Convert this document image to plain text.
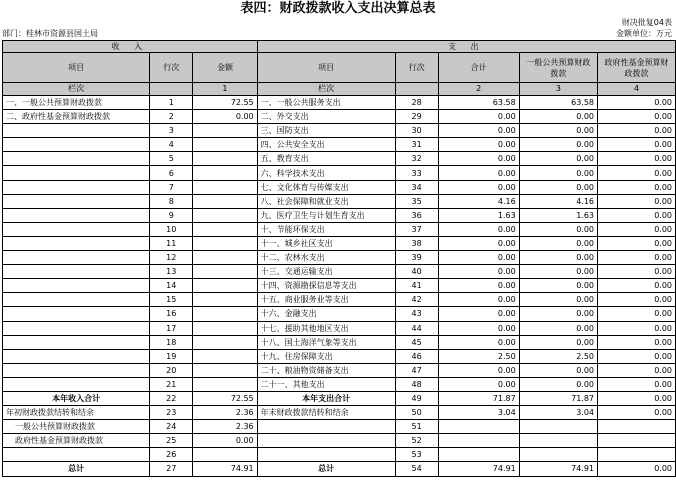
表四：财政拨款收入支出决算总表
财决批复04表
部门：桂林市资源县国土局	金额单位：万元
收 入			支 出				
项目	行次	金额	项目	行次	合计	一般公共预算财政拨款	政府性基金预算财政拨款
栏次		1	栏次		2	3	4
一、一般公共预算财政拨款	1	72.55	一、一般公共服务支出	28	63.58	63.58	0.00
二、政府性基金预算财政拨款	2	0.00	二、外交支出	29	0.00	0.00	0.00
	3		三、国防支出	30	0.00	0.00	0.00
	4		四、公共安全支出	31	0.00	0.00	0.00
	5		五、教育支出	32	0.00	0.00	0.00
	6		六、科学技术支出	33	0.00	0.00	0.00
	7		七、文化体育与传媒支出	34	0.00	0.00	0.00
	8		八、社会保障和就业支出	35	4.16	4.16	0.00
	9		九、医疗卫生与计划生育支出	36	1.63	1.63	0.00
	10		十、节能环保支出	37	0.00	0.00	0.00
	11		十一、城乡社区支出	38	0.00	0.00	0.00
	12		十二、农林水支出	39	0.00	0.00	0.00
	13		十三、交通运输支出	40	0.00	0.00	0.00
	14		十四、资源勘探信息等支出	41	0.00	0.00	0.00
	15		十五、商业服务业等支出	42	0.00	0.00	0.00
	16		十六、金融支出	43	0.00	0.00	0.00
	17		十七、援助其他地区支出	44	0.00	0.00	0.00
	18		十八、国土海洋气象等支出	45	0.00	0.00	0.00
	19		十九、住房保障支出	46	2.50	2.50	0.00
	20		二十、粮油物资储备支出	47	0.00	0.00	0.00
	21		二十一、其他支出	48	0.00	0.00	0.00
本年收入合计	22	72.55	本年支出合计	49	71.87	71.87	0.00
年初财政拨款结转和结余	23	2.36	年末财政拨款结转和结余	50	3.04	3.04	0.00
一般公共预算财政拨款	24	2.36		51			
政府性基金预算财政拨款	25	0.00		52			
	26			53			
总计	27	74.91	总计	54	74.91	74.91	0.00
